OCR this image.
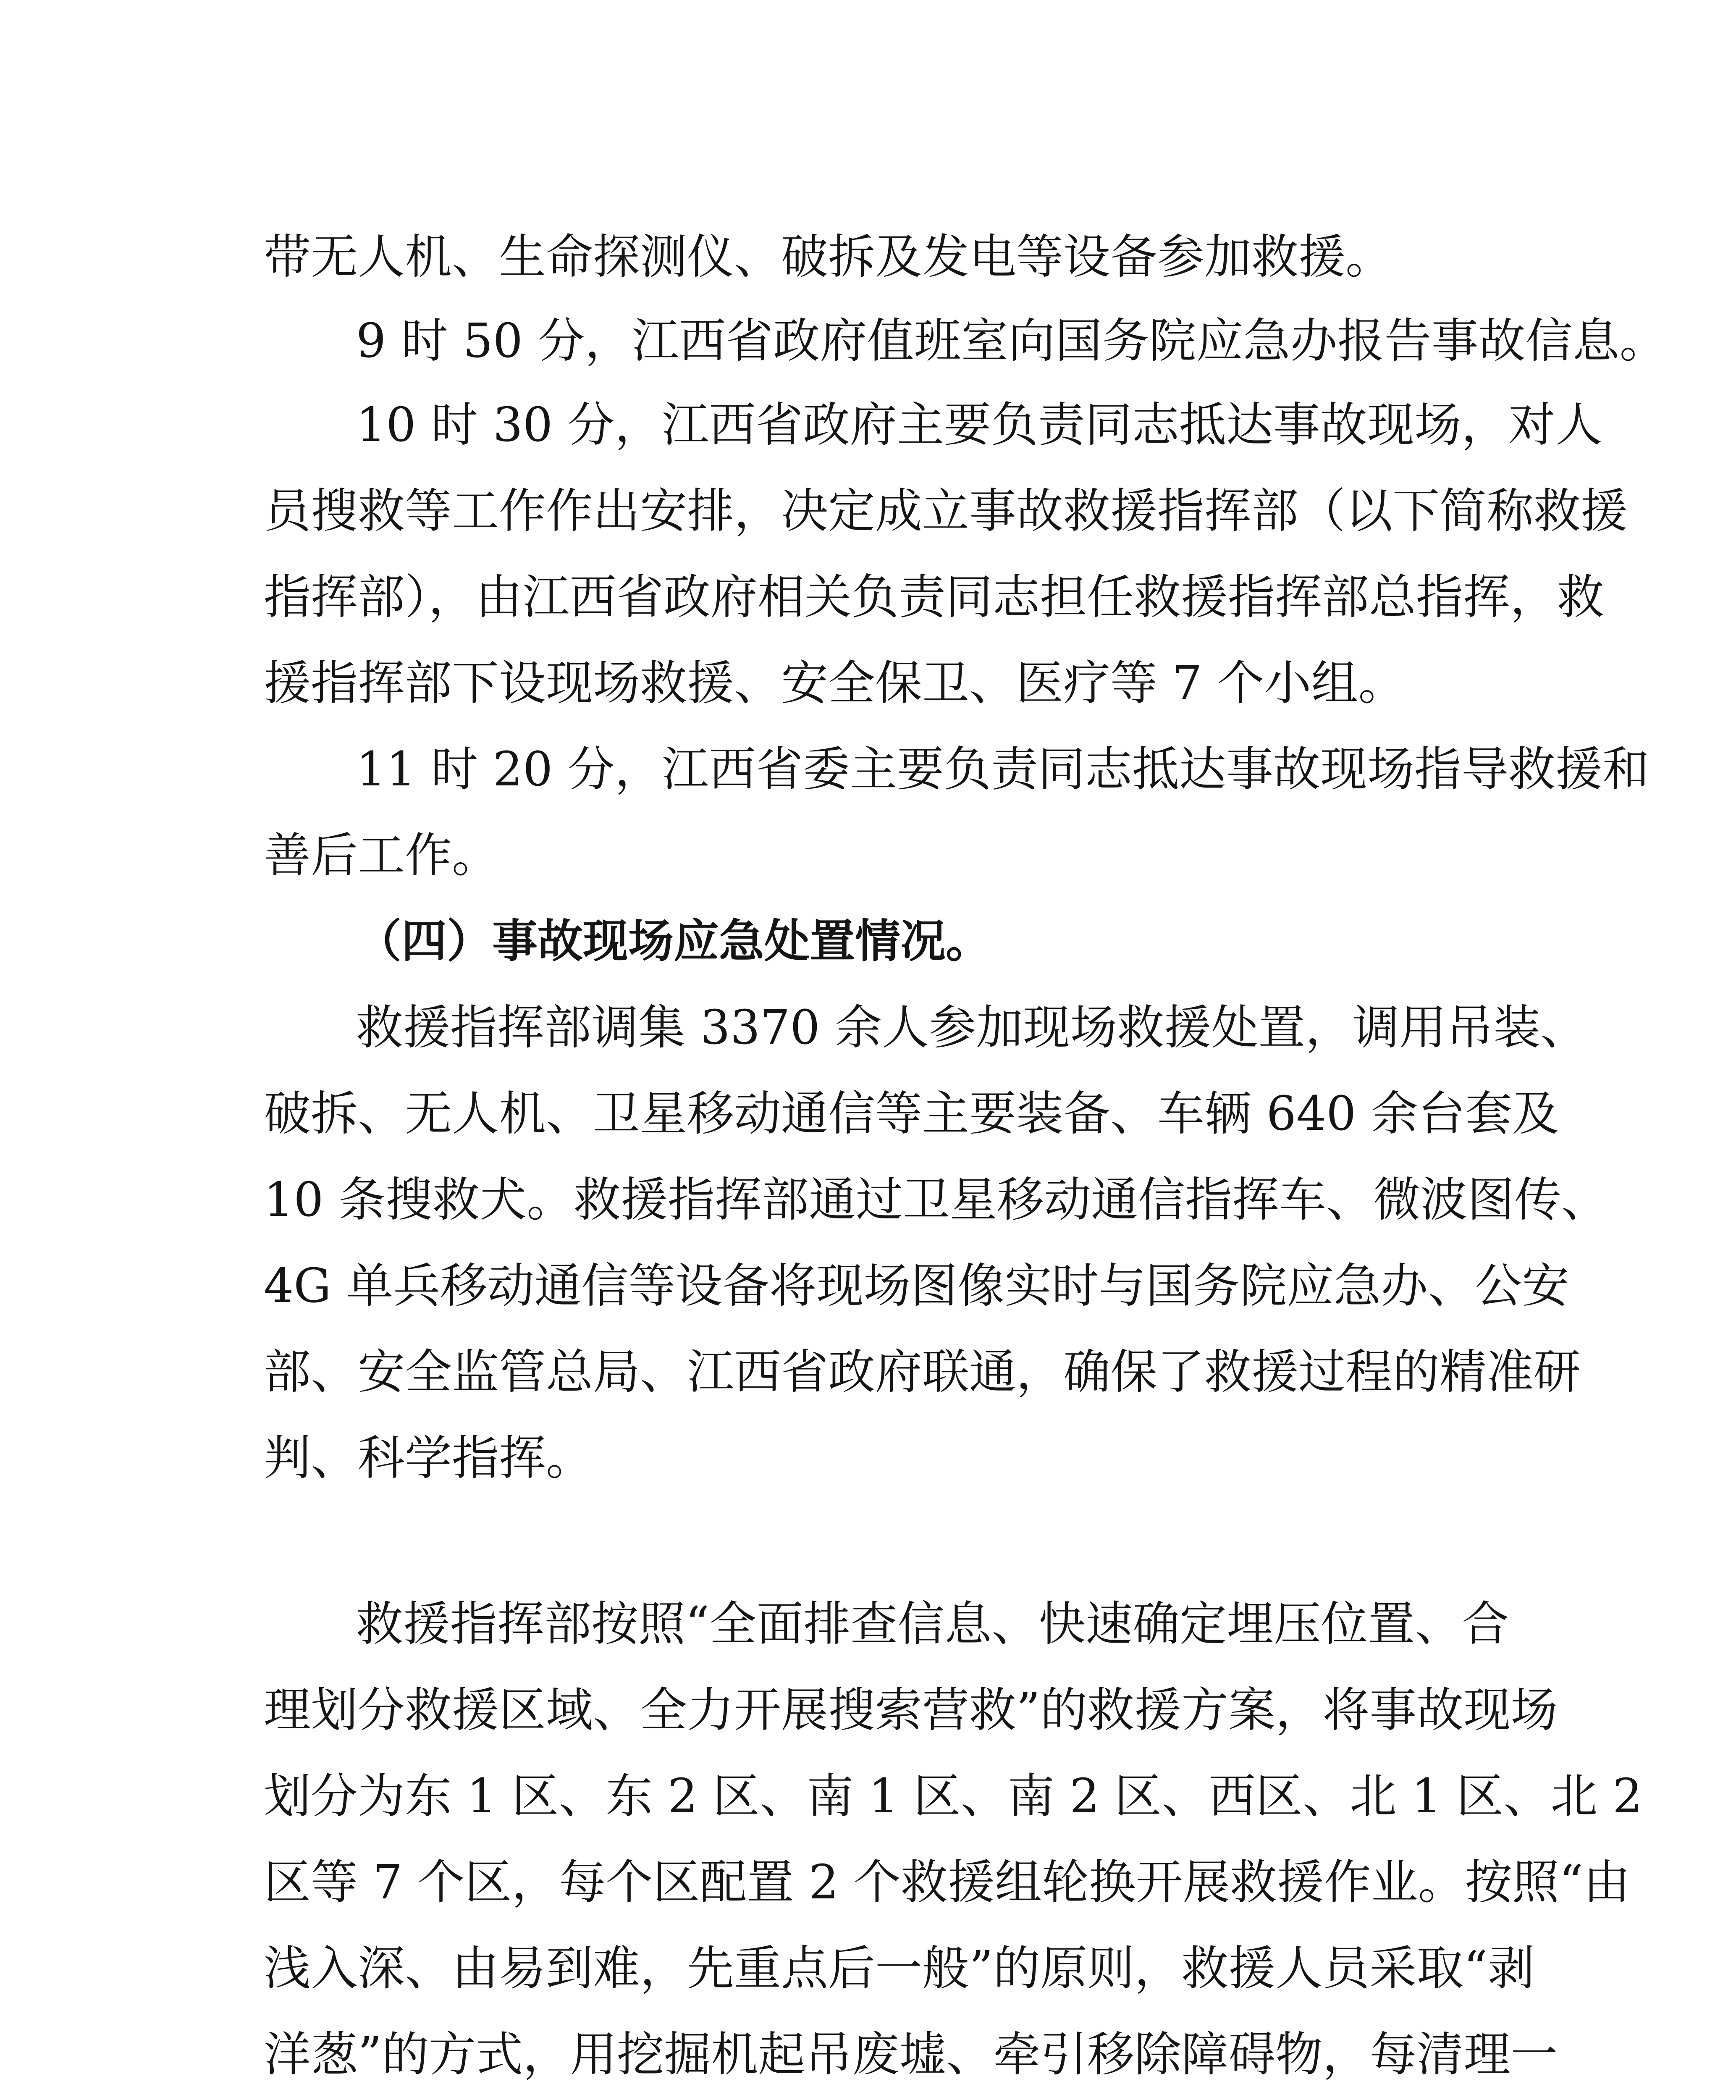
带无人机、生命探测仪、破拆及发电等设备参加救援。
9 时 50 分，江西省政府值班室向国务院应急办报告事故信息。
10 时 30 分，江西省政府主要负责同志抵达事故现场，对人
员搜救等工作作出安排，决定成立事故救援指挥部（以下简称救援
指挥部），由江西省政府相关负责同志担任救援指挥部总指挥，救
援指挥部下设现场救援、安全保卫、医疗等 7 个小组。
11 时 20 分，江西省委主要负责同志抵达事故现场指导救援和
善后工作。
（四）事故现场应急处置情况。
救援指挥部调集 3370 余人参加现场救援处置，调用吊装、
破拆、无人机、卫星移动通信等主要装备、车辆 640 余台套及
10 条搜救犬。救援指挥部通过卫星移动通信指挥车、微波图传、
4G 单兵移动通信等设备将现场图像实时与国务院应急办、公安
部、安全监管总局、江西省政府联通，确保了救援过程的精准研
判、科学指挥。
救援指挥部按照“全面排查信息、快速确定埋压位置、合
理划分救援区域、全力开展搜索营救”的救援方案，将事故现场
划分为东 1 区、东 2 区、南 1 区、南 2 区、西区、北 1 区、北 2
区等 7 个区，每个区配置 2 个救援组轮换开展救援作业。按照“由
浅入深、由易到难，先重点后一般”的原则，救援人员采取“剥
洋葱”的方式，用挖掘机起吊废墟、牵引移除障碍物，每清理一
